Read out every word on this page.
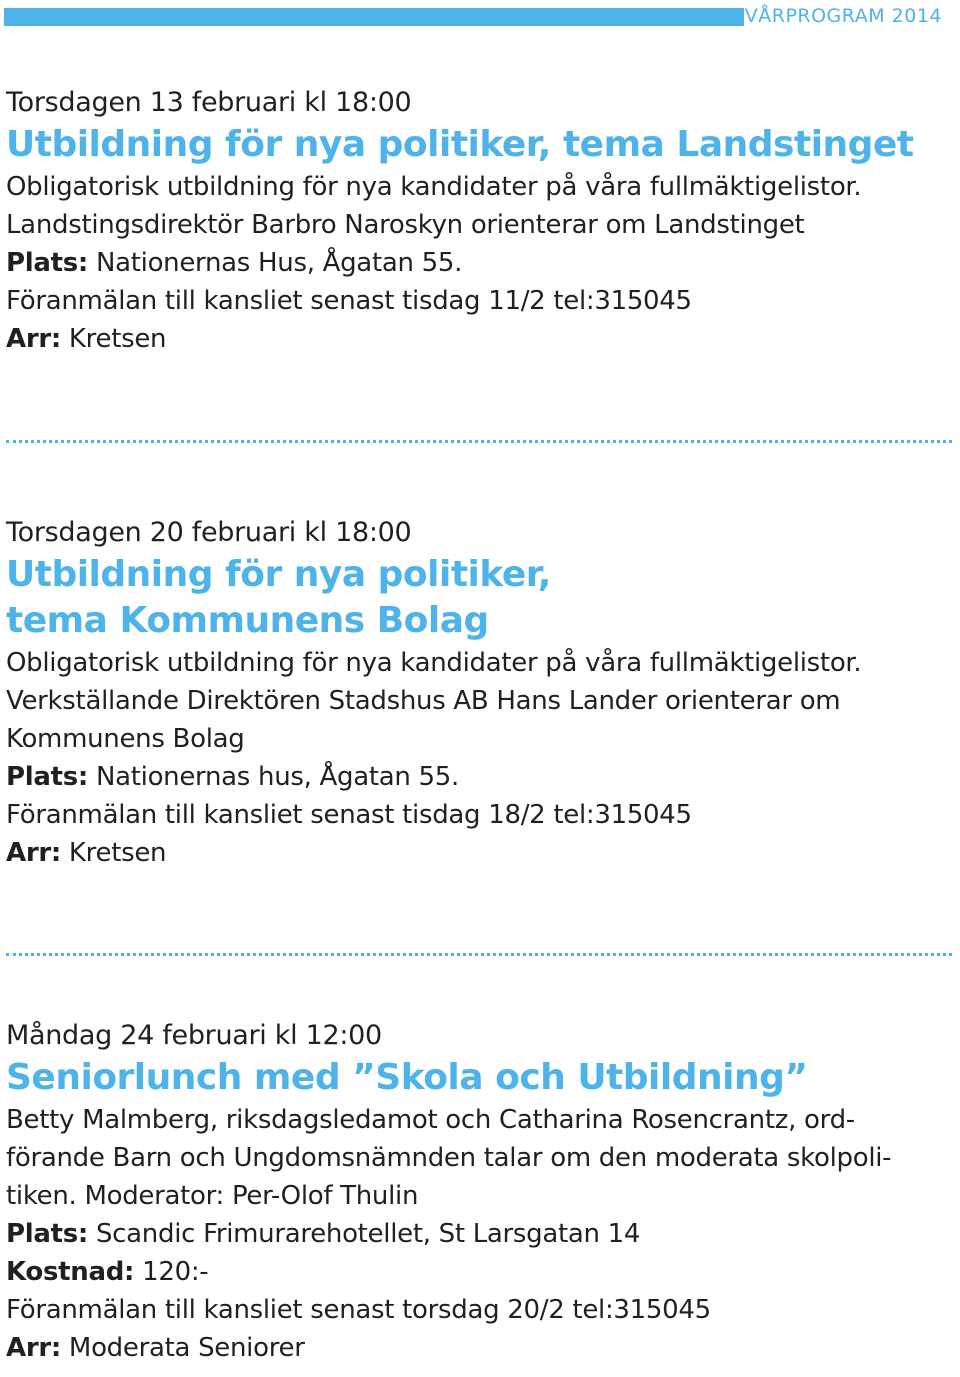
VÅRPROGRAM 2014

Torsdagen 13 februari kl 18:00

Utbildning för nya politiker, tema Landstinget

Obligatorisk utbildning för nya kandidater på våra fullmäktigelistor.

Landstingsdirektör Barbro Naroskyn orienterar om Landstinget

Plats: Nationernas Hus, Ågatan 55.

Föranmälan till kansliet senast tisdag 11/2 tel:315045

Arr: Kretsen

Torsdagen 20 februari kl 18:00

Utbildning för nya politiker,

tema Kommunens Bolag

Obligatorisk utbildning för nya kandidater på våra fullmäktigelistor.

Verkställande Direktören Stadshus AB Hans Lander orienterar om

Kommunens Bolag

Plats: Nationernas hus, Ågatan 55.

Föranmälan till kansliet senast tisdag 18/2 tel:315045

Arr: Kretsen

Måndag 24 februari kl 12:00

Seniorlunch med ”Skola och Utbildning”

Betty Malmberg, riksdagsledamot och Catharina Rosencrantz, ord-

förande Barn och Ungdomsnämnden talar om den moderata skolpoli-

tiken. Moderator: Per-Olof Thulin

Plats: Scandic Frimurarehotellet, St Larsgatan 14

Kostnad: 120:-

Föranmälan till kansliet senast torsdag 20/2 tel:315045

Arr: Moderata Seniorer
